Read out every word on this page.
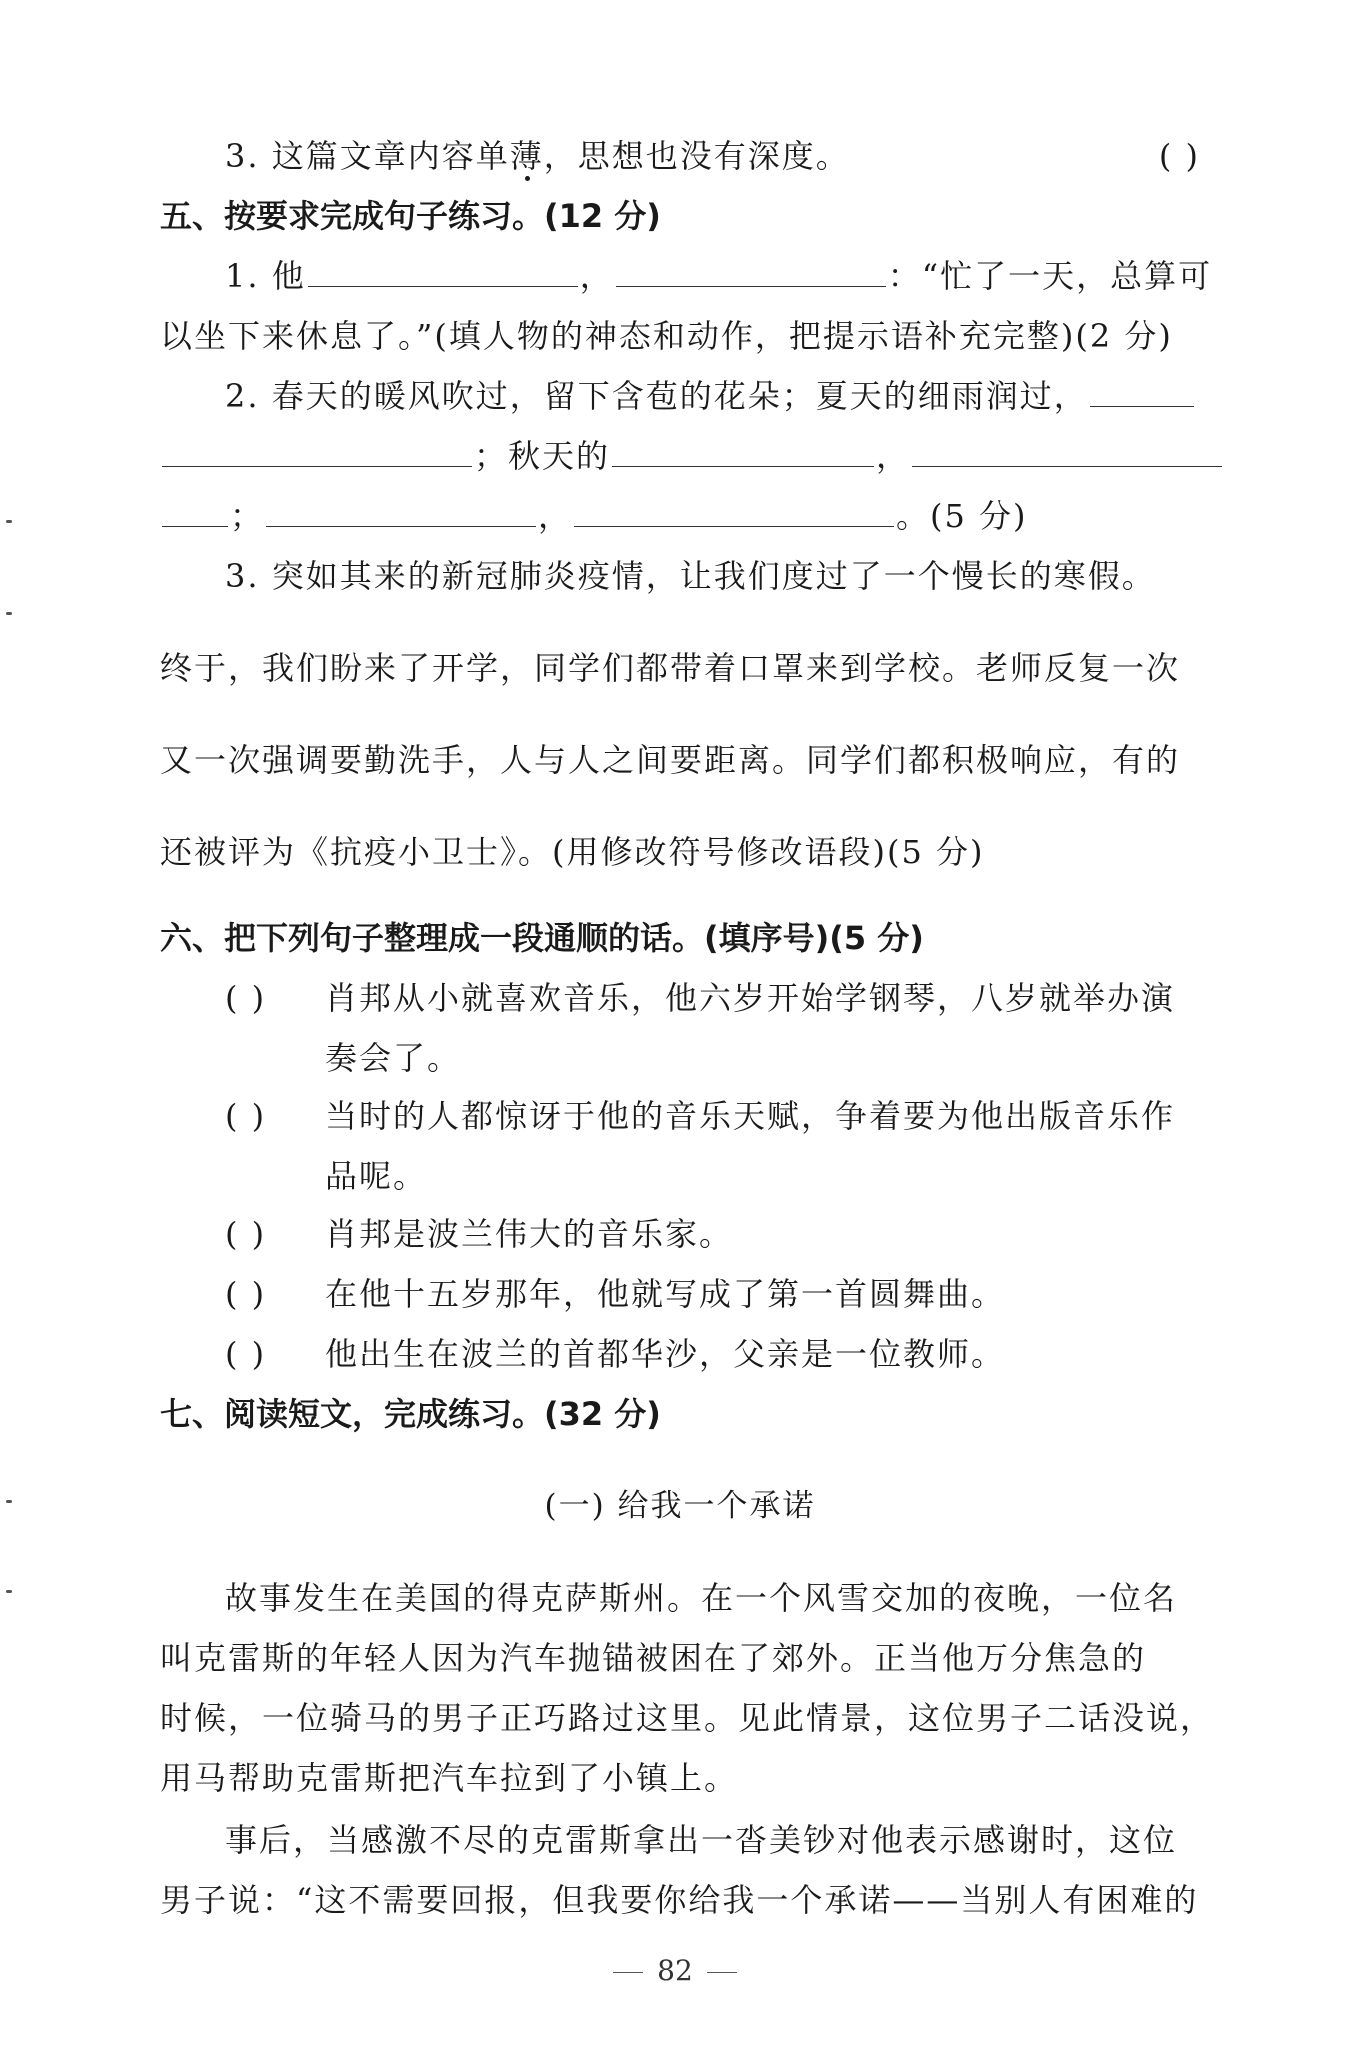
3. 这篇文章内容单薄，思想也没有深度。	( )
五、按要求完成句子练习。(12 分)
1. 他	，	：“忙了一天，总算可
以坐下来休息了。”(填人物的神态和动作，把提示语补充完整)(2 分)
2. 春天的暖风吹过，留下含苞的花朵；夏天的细雨润过，
；秋天的	，
；	，	。(5 分)
3. 突如其来的新冠肺炎疫情，让我们度过了一个慢长的寒假。
终于，我们盼来了开学，同学们都带着口罩来到学校。老师反复一次
又一次强调要勤洗手，人与人之间要距离。同学们都积极响应，有的
还被评为《抗疫小卫士》。(用修改符号修改语段)(5 分)
六、把下列句子整理成一段通顺的话。(填序号)(5 分)
( ) 肖邦从小就喜欢音乐，他六岁开始学钢琴，八岁就举办演
奏会了。
( ) 当时的人都惊讶于他的音乐天赋，争着要为他出版音乐作
品呢。
( ) 肖邦是波兰伟大的音乐家。
( ) 在他十五岁那年，他就写成了第一首圆舞曲。
( ) 他出生在波兰的首都华沙，父亲是一位教师。
七、阅读短文，完成练习。(32 分)
(一) 给我一个承诺
故事发生在美国的得克萨斯州。在一个风雪交加的夜晚，一位名
叫克雷斯的年轻人因为汽车抛锚被困在了郊外。正当他万分焦急的
时候，一位骑马的男子正巧路过这里。见此情景，这位男子二话没说，
用马帮助克雷斯把汽车拉到了小镇上。
事后，当感激不尽的克雷斯拿出一沓美钞对他表示感谢时，这位
男子说：“这不需要回报，但我要你给我一个承诺——当别人有困难的
82
